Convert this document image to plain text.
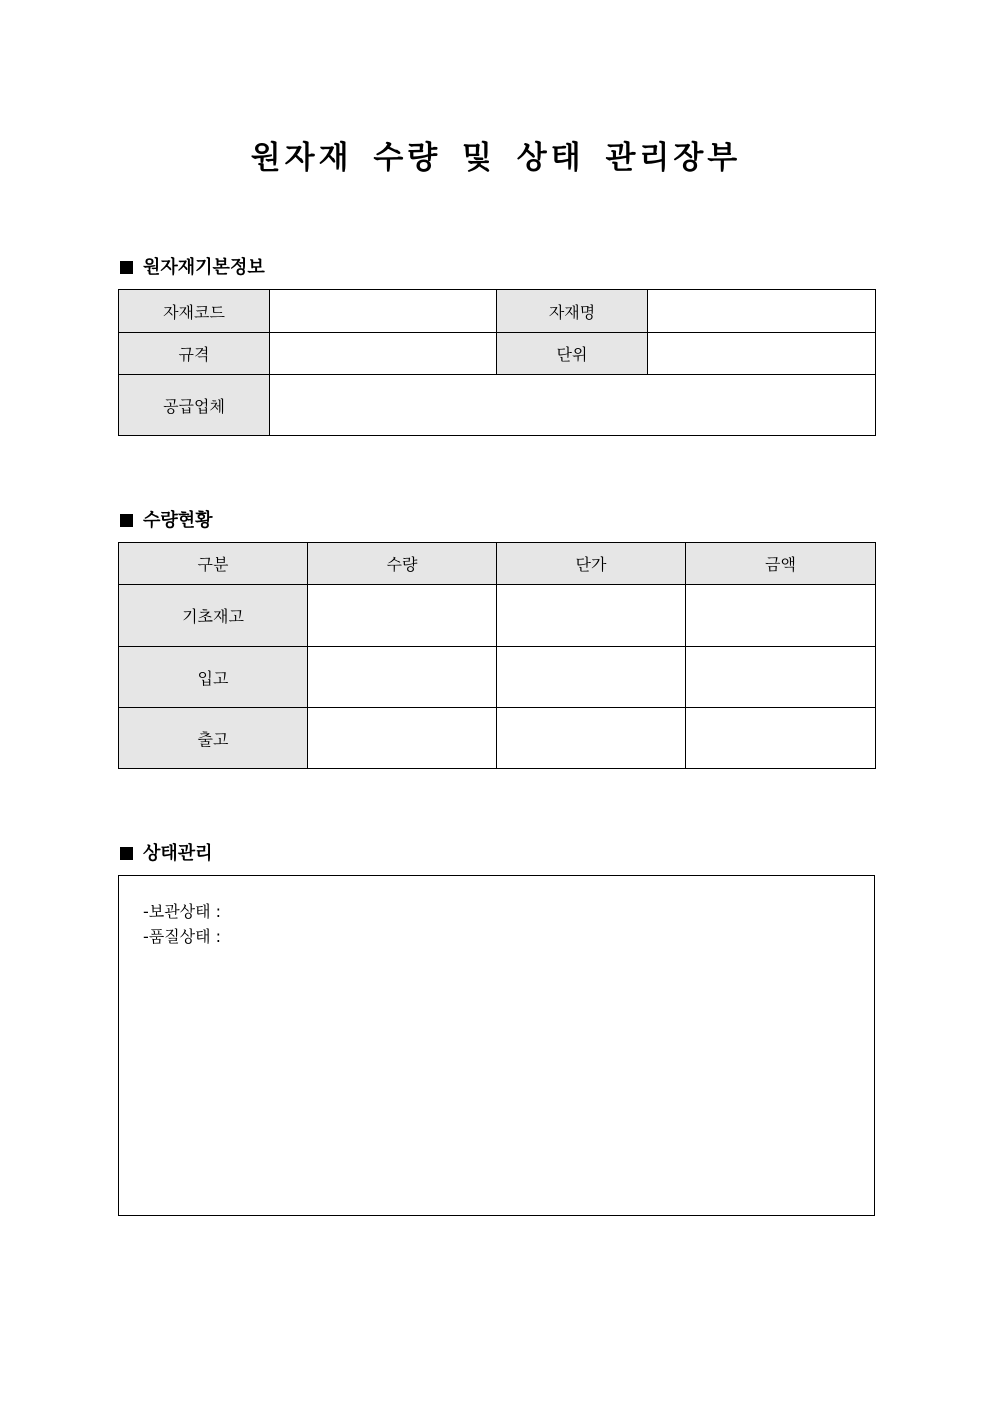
원자재 수량 및 상태 관리장부
원자재기본정보
자재코드		자재명	
규격		단위	
공급업체			
수량현황
구분	수량	단가	금액
기초재고			
입고			
출고			
상태관리
-보관상태 :
-품질상태 :
